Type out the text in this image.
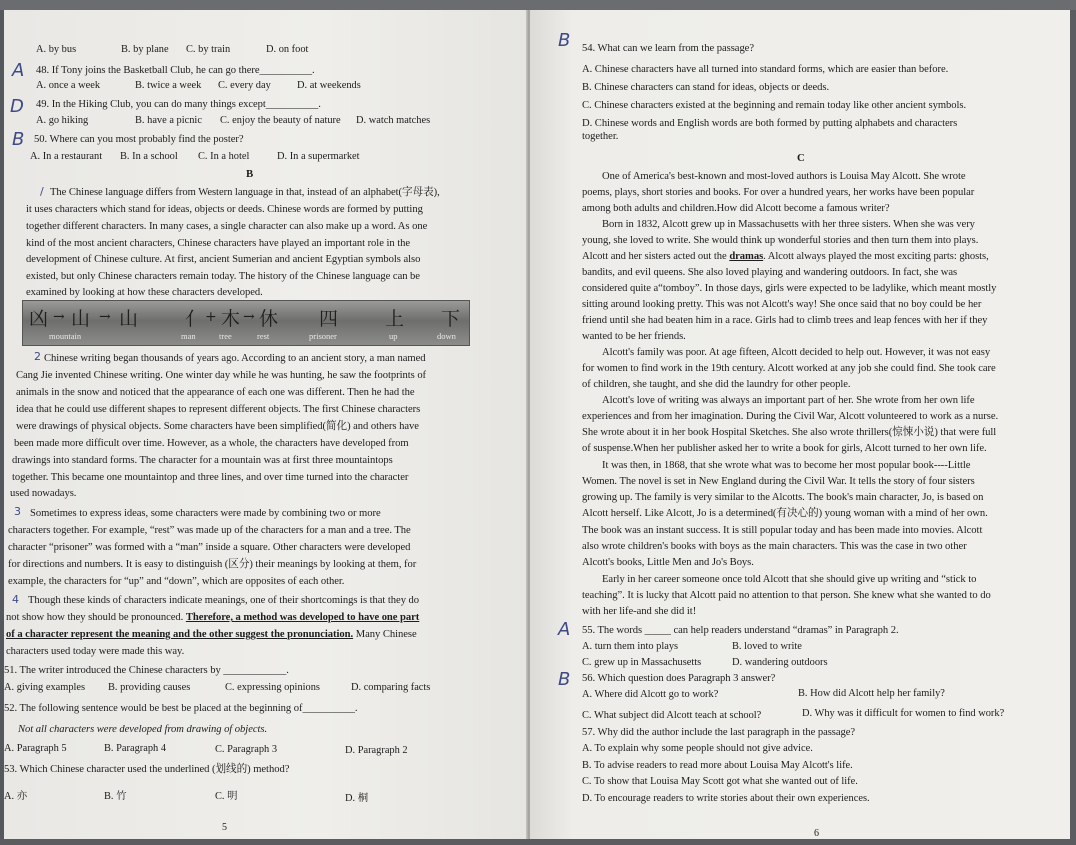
A. by bus	B. by plane C. by train	D. on foot
A 48. If Tony joins the Basketball Club, he can go there__________.
A. once a week	B. twice a week C. every day	D. at weekends
D 49. In the Hiking Club, you can do many things except__________.
A. go hiking	B. have a picnic C. enjoy the beauty of nature D. watch matches
B 50. Where can you most probably find the poster?
A. In a restaurant B. In a school C. In a hotel	D. In a supermarket
B
/ The Chinese language differs from Western language in that, instead of an alphabet(字母表),
it uses characters which stand for ideas, objects or deeds. Chinese words are formed by putting
together different characters. In many cases, a single character can also make up a word. As one
kind of the most ancient characters, Chinese characters have played an important role in the
development of Chinese culture. At first, ancient Sumerian and ancient Egyptian symbols also
existed, but only Chinese characters remain today. The history of the Chinese language can be
examined by looking at how these characters developed.
凶 → 山 → 山 亻 + 木 → 休 四 上 下
mountain	man	tree	rest	prisoner	up	down
2 Chinese writing began thousands of years ago. According to an ancient story, a man named
Cang Jie invented Chinese writing. One winter day while he was hunting, he saw the footprints of
animals in the snow and noticed that the appearance of each one was different. Then he had the
idea that he could use different shapes to represent different objects. The first Chinese characters
were drawings of physical objects. Some characters have been simplified(简化) and others have
been made more difficult over time. However, as a whole, the characters have developed from
drawings into standard forms. The character for a mountain was at first three mountaintops
together. This became one mountaintop and three lines, and over time turned into the character
used nowadays.
3 Sometimes to express ideas, some characters were made by combining two or more
characters together. For example, “rest” was made up of the characters for a man and a tree. The
character “prisoner” was formed with a “man” inside a square. Other characters were developed
for directions and numbers. It is easy to distinguish (区分) their meanings by looking at them, for
example, the characters for “up” and “down”, which are opposites of each other.
4 Though these kinds of characters indicate meanings, one of their shortcomings is that they do
not show how they should be pronounced. Therefore, a method was developed to have one part
of a character represent the meaning and the other suggest the pronunciation. Many Chinese
characters used today were made this way.
51. The writer introduced the Chinese characters by ____________.
A. giving examples B. providing causes	C. expressing opinions	D. comparing facts
52. The following sentence would be best be placed at the beginning of__________.
Not all characters were developed from drawing of objects.
A. Paragraph 5	B. Paragraph 4	C. Paragraph 3	D. Paragraph 2
53. Which Chinese character used the underlined (划线的) method?
A. 亦	B. 竹	C. 明	D. 桐
5
B 54. What can we learn from the passage?
A. Chinese characters have all turned into standard forms, which are easier than before.
B. Chinese characters can stand for ideas, objects or deeds.
C. Chinese characters existed at the beginning and remain today like other ancient symbols.
D. Chinese words and English words are both formed by putting alphabets and characters
together.
C
One of America's best-known and most-loved authors is Louisa May Alcott. She wrote
poems, plays, short stories and books. For over a hundred years, her works have been popular
among both adults and children.How did Alcott become a famous writer?
Born in 1832, Alcott grew up in Massachusetts with her three sisters. When she was very
young, she loved to write. She would think up wonderful stories and then turn them into plays.
Alcott and her sisters acted out the dramas. Alcott always played the most exciting parts: ghosts,
bandits, and evil queens. She also loved playing and wandering outdoors. In fact, she was
considered quite a“tomboy”. In those days, girls were expected to be ladylike, which meant mostly
sitting around looking pretty. This was not Alcott's way! She once said that no boy could be her
friend until she had beaten him in a race. Girls had to climb trees and leap fences with her if they
wanted to be her friends.
Alcott's family was poor. At age fifteen, Alcott decided to help out. However, it was not easy
for women to find work in the 19th century. Alcott worked at any job she could find. She took care
of children, she taught, and she did the laundry for other people.
Alcott's love of writing was always an important part of her. She wrote from her own life
experiences and from her imagination. During the Civil War, Alcott volunteered to work as a nurse.
She wrote about it in her book Hospital Sketches. She also wrote thrillers(惊悚小说) that were full
of suspense.When her publisher asked her to write a book for girls, Alcott turned to her own life.
It was then, in 1868, that she wrote what was to become her most popular book----Little
Women. The novel is set in New England during the Civil War. It tells the story of four sisters
growing up. The family is very similar to the Alcotts. The book's main character, Jo, is based on
Alcott herself. Like Alcott, Jo is a determined(有决心的) young woman with a mind of her own.
The book was an instant success. It is still popular today and has been made into movies. Alcott
also wrote children's books with boys as the main characters. This was the case in two other
Alcott's books, Little Men and Jo's Boys.
Early in her career someone once told Alcott that she should give up writing and “stick to
teaching”. It is lucky that Alcott paid no attention to that person. She knew what she wanted to do
with her life-and she did it!
A 55. The words _____ can help readers understand “dramas” in Paragraph 2.
A. turn them into plays	B. loved to write
C. grew up in Massachusetts	D. wandering outdoors
B 56. Which question does Paragraph 3 answer?
A. Where did Alcott go to work?	B. How did Alcott help her family?
C. What subject did Alcott teach at school?	D. Why was it difficult for women to find work?
57. Why did the author include the last paragraph in the passage?
A. To explain why some people should not give advice.
B. To advise readers to read more about Louisa May Alcott's life.
C. To show that Louisa May Scott got what she wanted out of life.
D. To encourage readers to write stories about their own experiences.
6
